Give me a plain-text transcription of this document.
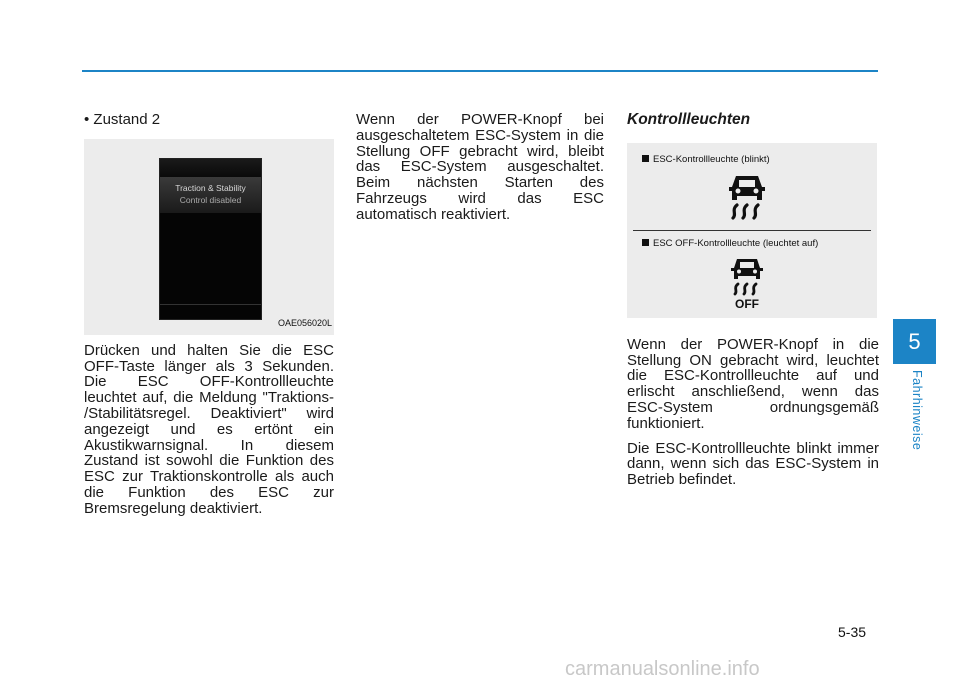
• Zustand 2

Traction & Stability
Control disabled
OAE056020L

Drücken und halten Sie die ESC OFF-Taste länger als 3 Sekunden. Die ESC OFF-Kontrollleuchte leuchtet auf, die Meldung "Traktions- /Stabilitätsregel. Deaktiviert" wird angezeigt und es ertönt ein Akustikwarnsignal. In diesem Zustand ist sowohl die Funktion des ESC zur Traktionskontrolle als auch die Funktion des ESC zur Bremsregelung deaktiviert.

Wenn der POWER-Knopf bei ausgeschaltetem ESC-System in die Stellung OFF gebracht wird, bleibt das ESC-System ausgeschaltet. Beim nächsten Starten des Fahrzeugs wird das ESC automatisch reaktiviert.

Kontrollleuchten

ESC-Kontrollleuchte (blinkt)
ESC OFF-Kontrollleuchte (leuchtet auf)
OFF

Wenn der POWER-Knopf in die Stellung ON gebracht wird, leuchtet die ESC-Kontrollleuchte auf und erlischt anschließend, wenn das ESC-System ordnungsgemäß funktioniert.

Die ESC-Kontrollleuchte blinkt immer dann, wenn sich das ESC-System in Betrieb befindet.

5
Fahrhinweise
5-35
carmanualsonline.info
